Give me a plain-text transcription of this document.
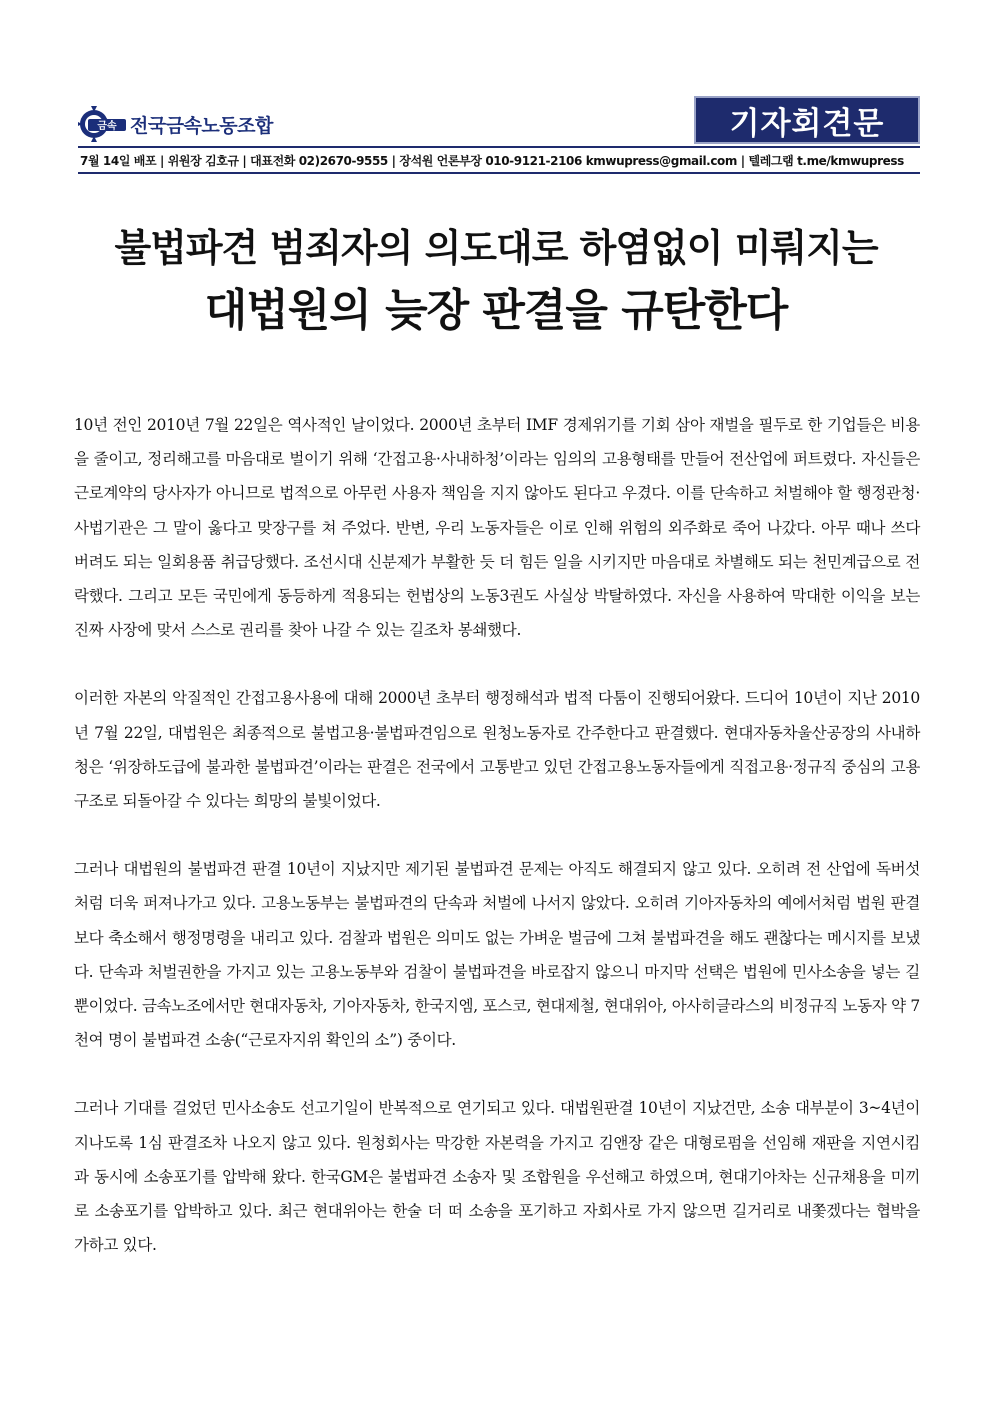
금속 전국금속노동조합	기자회견문
7월 14일 배포 | 위원장 김호규 | 대표전화 02)2670-9555 | 장석원 언론부장 010-9121-2106 kmwupress@gmail.com | 텔레그램 t.me/kmwupress
불법파견 범죄자의 의도대로 하염없이 미뤄지는
대법원의 늦장 판결을 규탄한다

10년 전인 2010년 7월 22일은 역사적인 날이었다. 2000년 초부터 IMF 경제위기를 기회 삼아 재벌을 필두로 한 기업들은 비용을 줄이고, 정리해고를 마음대로 벌이기 위해 ‘간접고용·사내하청’이라는 임의의 고용형태를 만들어 전산업에 퍼트렸다. 자신들은 근로계약의 당사자가 아니므로 법적으로 아무런 사용자 책임을 지지 않아도 된다고 우겼다. 이를 단속하고 처벌해야 할 행정관청·사법기관은 그 말이 옳다고 맞장구를 쳐 주었다. 반변, 우리 노동자들은 이로 인해 위험의 외주화로 죽어 나갔다. 아무 때나 쓰다 버려도 되는 일회용품 취급당했다. 조선시대 신분제가 부활한 듯 더 힘든 일을 시키지만 마음대로 차별해도 되는 천민계급으로 전락했다. 그리고 모든 국민에게 동등하게 적용되는 헌법상의 노동3권도 사실상 박탈하였다. 자신을 사용하여 막대한 이익을 보는 진짜 사장에 맞서 스스로 권리를 찾아 나갈 수 있는 길조차 봉쇄했다.

이러한 자본의 악질적인 간접고용사용에 대해 2000년 초부터 행정해석과 법적 다툼이 진행되어왔다. 드디어 10년이 지난 2010년 7월 22일, 대법원은 최종적으로 불법고용·불법파견임으로 원청노동자로 간주한다고 판결했다. 현대자동차울산공장의 사내하청은 ‘위장하도급에 불과한 불법파견’이라는 판결은 전국에서 고통받고 있던 간접고용노동자들에게 직접고용·정규직 중심의 고용구조로 되돌아갈 수 있다는 희망의 불빛이었다.

그러나 대법원의 불법파견 판결 10년이 지났지만 제기된 불법파견 문제는 아직도 해결되지 않고 있다. 오히려 전 산업에 독버섯처럼 더욱 퍼져나가고 있다. 고용노동부는 불법파견의 단속과 처벌에 나서지 않았다. 오히려 기아자동차의 예에서처럼 법원 판결보다 축소해서 행정명령을 내리고 있다. 검찰과 법원은 의미도 없는 가벼운 벌금에 그쳐 불법파견을 해도 괜찮다는 메시지를 보냈다. 단속과 처벌권한을 가지고 있는 고용노동부와 검찰이 불법파견을 바로잡지 않으니 마지막 선택은 법원에 민사소송을 넣는 길뿐이었다. 금속노조에서만 현대자동차, 기아자동차, 한국지엠, 포스코, 현대제철, 현대위아, 아사히글라스의 비정규직 노동자 약 7천여 명이 불법파견 소송(“근로자지위 확인의 소”) 중이다.

그러나 기대를 걸었던 민사소송도 선고기일이 반복적으로 연기되고 있다. 대법원판결 10년이 지났건만, 소송 대부분이 3~4년이 지나도록 1심 판결조차 나오지 않고 있다. 원청회사는 막강한 자본력을 가지고 김앤장 같은 대형로펌을 선임해 재판을 지연시킴과 동시에 소송포기를 압박해 왔다. 한국GM은 불법파견 소송자 및 조합원을 우선해고 하였으며, 현대기아차는 신규채용을 미끼로 소송포기를 압박하고 있다. 최근 현대위아는 한술 더 떠 소송을 포기하고 자회사로 가지 않으면 길거리로 내쫓겠다는 협박을 가하고 있다.
